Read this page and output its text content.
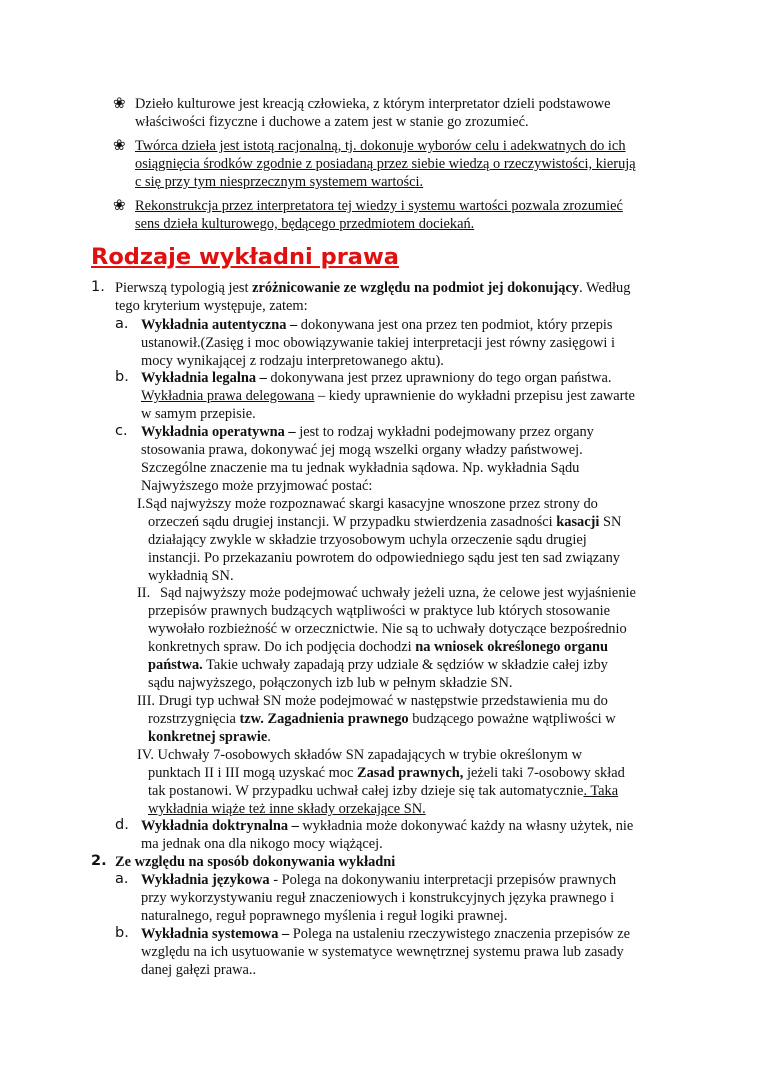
❀ Dzieło kulturowe jest kreacją człowieka, z którym interpretator dzieli podstawowe
właściwości fizyczne i duchowe a zatem jest w stanie go zrozumieć.
❀ Twórca dzieła jest istotą racjonalną, tj. dokonuje wyborów celu i adekwatnych do ich
osiągnięcia środków zgodnie z posiadaną przez siebie wiedzą o rzeczywistości, kierują
c się przy tym niesprzecznym systemem wartości.
❀ Rekonstrukcja przez interpretatora tej wiedzy i systemu wartości pozwala zrozumieć
sens dzieła kulturowego, będącego przedmiotem dociekań.
Rodzaje wykładni prawa
1. Pierwszą typologią jest zróżnicowanie ze względu na podmiot jej dokonujący. Według
tego kryterium występuje, zatem:
a. Wykładnia autentyczna – dokonywana jest ona przez ten podmiot, który przepis
ustanowił.(Zasięg i moc obowiązywanie takiej interpretacji jest równy zasięgowi i
mocy wynikającej z rodzaju interpretowanego aktu).
b. Wykładnia legalna – dokonywana jest przez uprawniony do tego organ państwa.
Wykładnia prawa delegowana – kiedy uprawnienie do wykładni przepisu jest zawarte
w samym przepisie.
c. Wykładnia operatywna – jest to rodzaj wykładni podejmowany przez organy
stosowania prawa, dokonywać jej mogą wszelki organy władzy państwowej.
Szczególne znaczenie ma tu jednak wykładnia sądowa. Np. wykładnia Sądu
Najwyższego może przyjmować postać:
I.Sąd najwyższy może rozpoznawać skargi kasacyjne wnoszone przez strony do
orzeczeń sądu drugiej instancji. W przypadku stwierdzenia zasadności kasacji SN
działający zwykle w składzie trzyosobowym uchyla orzeczenie sądu drugiej
instancji. Po przekazaniu powrotem do odpowiedniego sądu jest ten sad związany
wykładnią SN.
II. Sąd najwyższy może podejmować uchwały jeżeli uzna, że celowe jest wyjaśnienie
przepisów prawnych budzących wątpliwości w praktyce lub których stosowanie
wywołało rozbieżność w orzecznictwie. Nie są to uchwały dotyczące bezpośrednio
konkretnych spraw. Do ich podjęcia dochodzi na wniosek określonego organu
państwa. Takie uchwały zapadają przy udziale & sędziów w składzie całej izby
sądu najwyższego, połączonych izb lub w pełnym składzie SN.
III. Drugi typ uchwał SN może podejmować w następstwie przedstawienia mu do
rozstrzygnięcia tzw. Zagadnienia prawnego budzącego poważne wątpliwości w
konkretnej sprawie.
IV. Uchwały 7-osobowych składów SN zapadających w trybie określonym w
punktach II i III mogą uzyskać moc Zasad prawnych, jeżeli taki 7-osobowy skład
tak postanowi. W przypadku uchwał całej izby dzieje się tak automatycznie. Taka
wykładnia wiąże też inne składy orzekające SN.
d. Wykładnia doktrynalna – wykładnia może dokonywać każdy na własny użytek, nie
ma jednak ona dla nikogo mocy wiążącej.
2. Ze względu na sposób dokonywania wykładni
a. Wykładnia językowa - Polega na dokonywaniu interpretacji przepisów prawnych
przy wykorzystywaniu reguł znaczeniowych i konstrukcyjnych języka prawnego i
naturalnego, reguł poprawnego myślenia i reguł logiki prawnej.
b. Wykładnia systemowa – Polega na ustaleniu rzeczywistego znaczenia przepisów ze
względu na ich usytuowanie w systematyce wewnętrznej systemu prawa lub zasady
danej gałęzi prawa..
